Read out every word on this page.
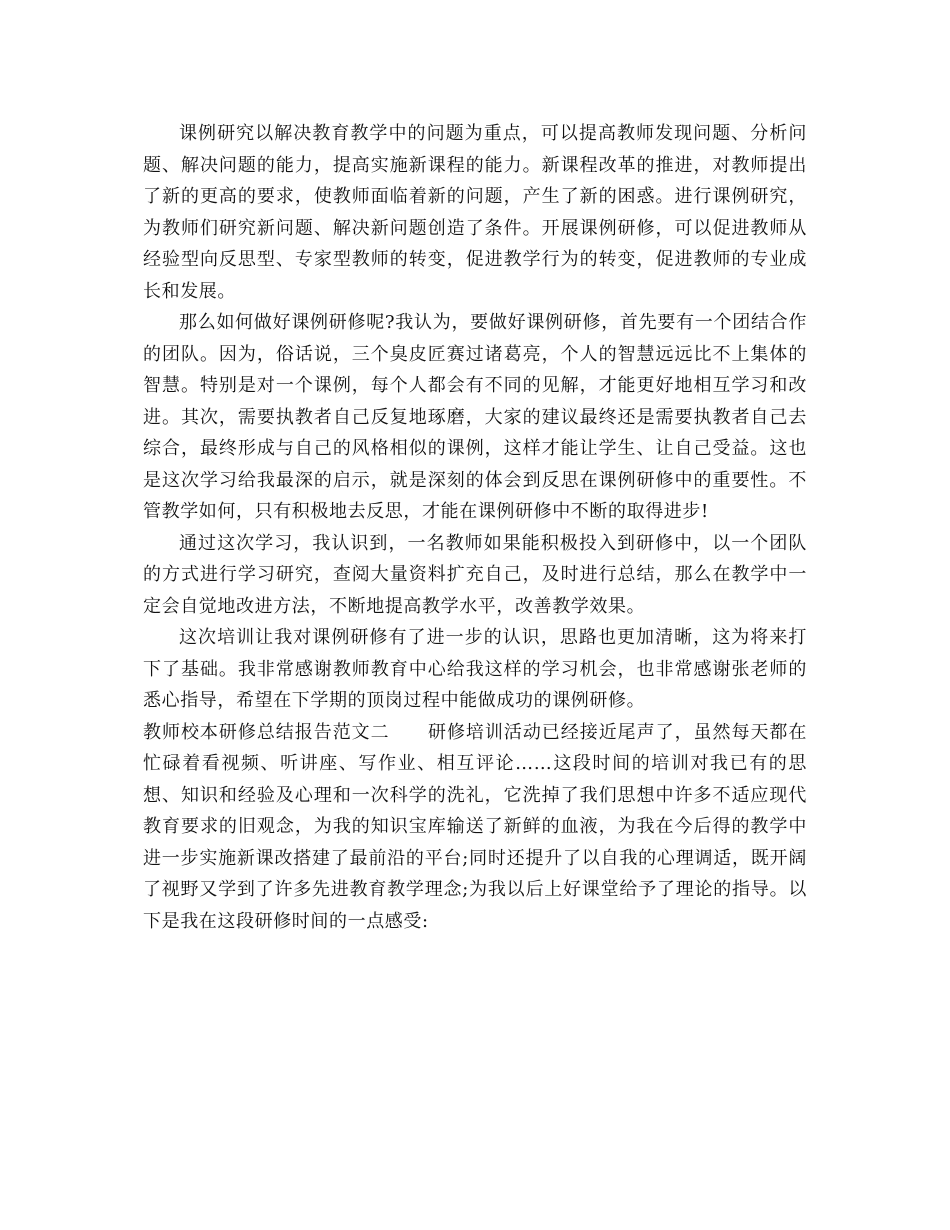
课例研究以解决教育教学中的问题为重点，可以提高教师发现问题、分析问题、解决问题的能力，提高实施新课程的能力。新课程改革的推进，对教师提出了新的更高的要求，使教师面临着新的问题，产生了新的困惑。进行课例研究，为教师们研究新问题、解决新问题创造了条件。开展课例研修，可以促进教师从经验型向反思型、专家型教师的转变，促进教学行为的转变，促进教师的专业成长和发展。

那么如何做好课例研修呢?我认为，要做好课例研修，首先要有一个团结合作的团队。因为，俗话说，三个臭皮匠赛过诸葛亮，个人的智慧远远比不上集体的智慧。特别是对一个课例，每个人都会有不同的见解，才能更好地相互学习和改进。其次，需要执教者自己反复地琢磨，大家的建议最终还是需要执教者自己去综合，最终形成与自己的风格相似的课例，这样才能让学生、让自己受益。这也是这次学习给我最深的启示，就是深刻的体会到反思在课例研修中的重要性。不管教学如何，只有积极地去反思，才能在课例研修中不断的取得进步!

通过这次学习，我认识到，一名教师如果能积极投入到研修中，以一个团队的方式进行学习研究，查阅大量资料扩充自己，及时进行总结，那么在教学中一定会自觉地改进方法，不断地提高教学水平，改善教学效果。

这次培训让我对课例研修有了进一步的认识，思路也更加清晰，这为将来打下了基础。我非常感谢教师教育中心给我这样的学习机会，也非常感谢张老师的悉心指导，希望在下学期的顶岗过程中能做成功的课例研修。

教师校本研修总结报告范文二 研修培训活动已经接近尾声了，虽然每天都在忙碌着看视频、听讲座、写作业、相互评论……这段时间的培训对我已有的思想、知识和经验及心理和一次科学的洗礼，它洗掉了我们思想中许多不适应现代教育要求的旧观念，为我的知识宝库输送了新鲜的血液，为我在今后得的教学中进一步实施新课改搭建了最前沿的平台;同时还提升了以自我的心理调适，既开阔了视野又学到了许多先进教育教学理念;为我以后上好课堂给予了理论的指导。以下是我在这段研修时间的一点感受:
